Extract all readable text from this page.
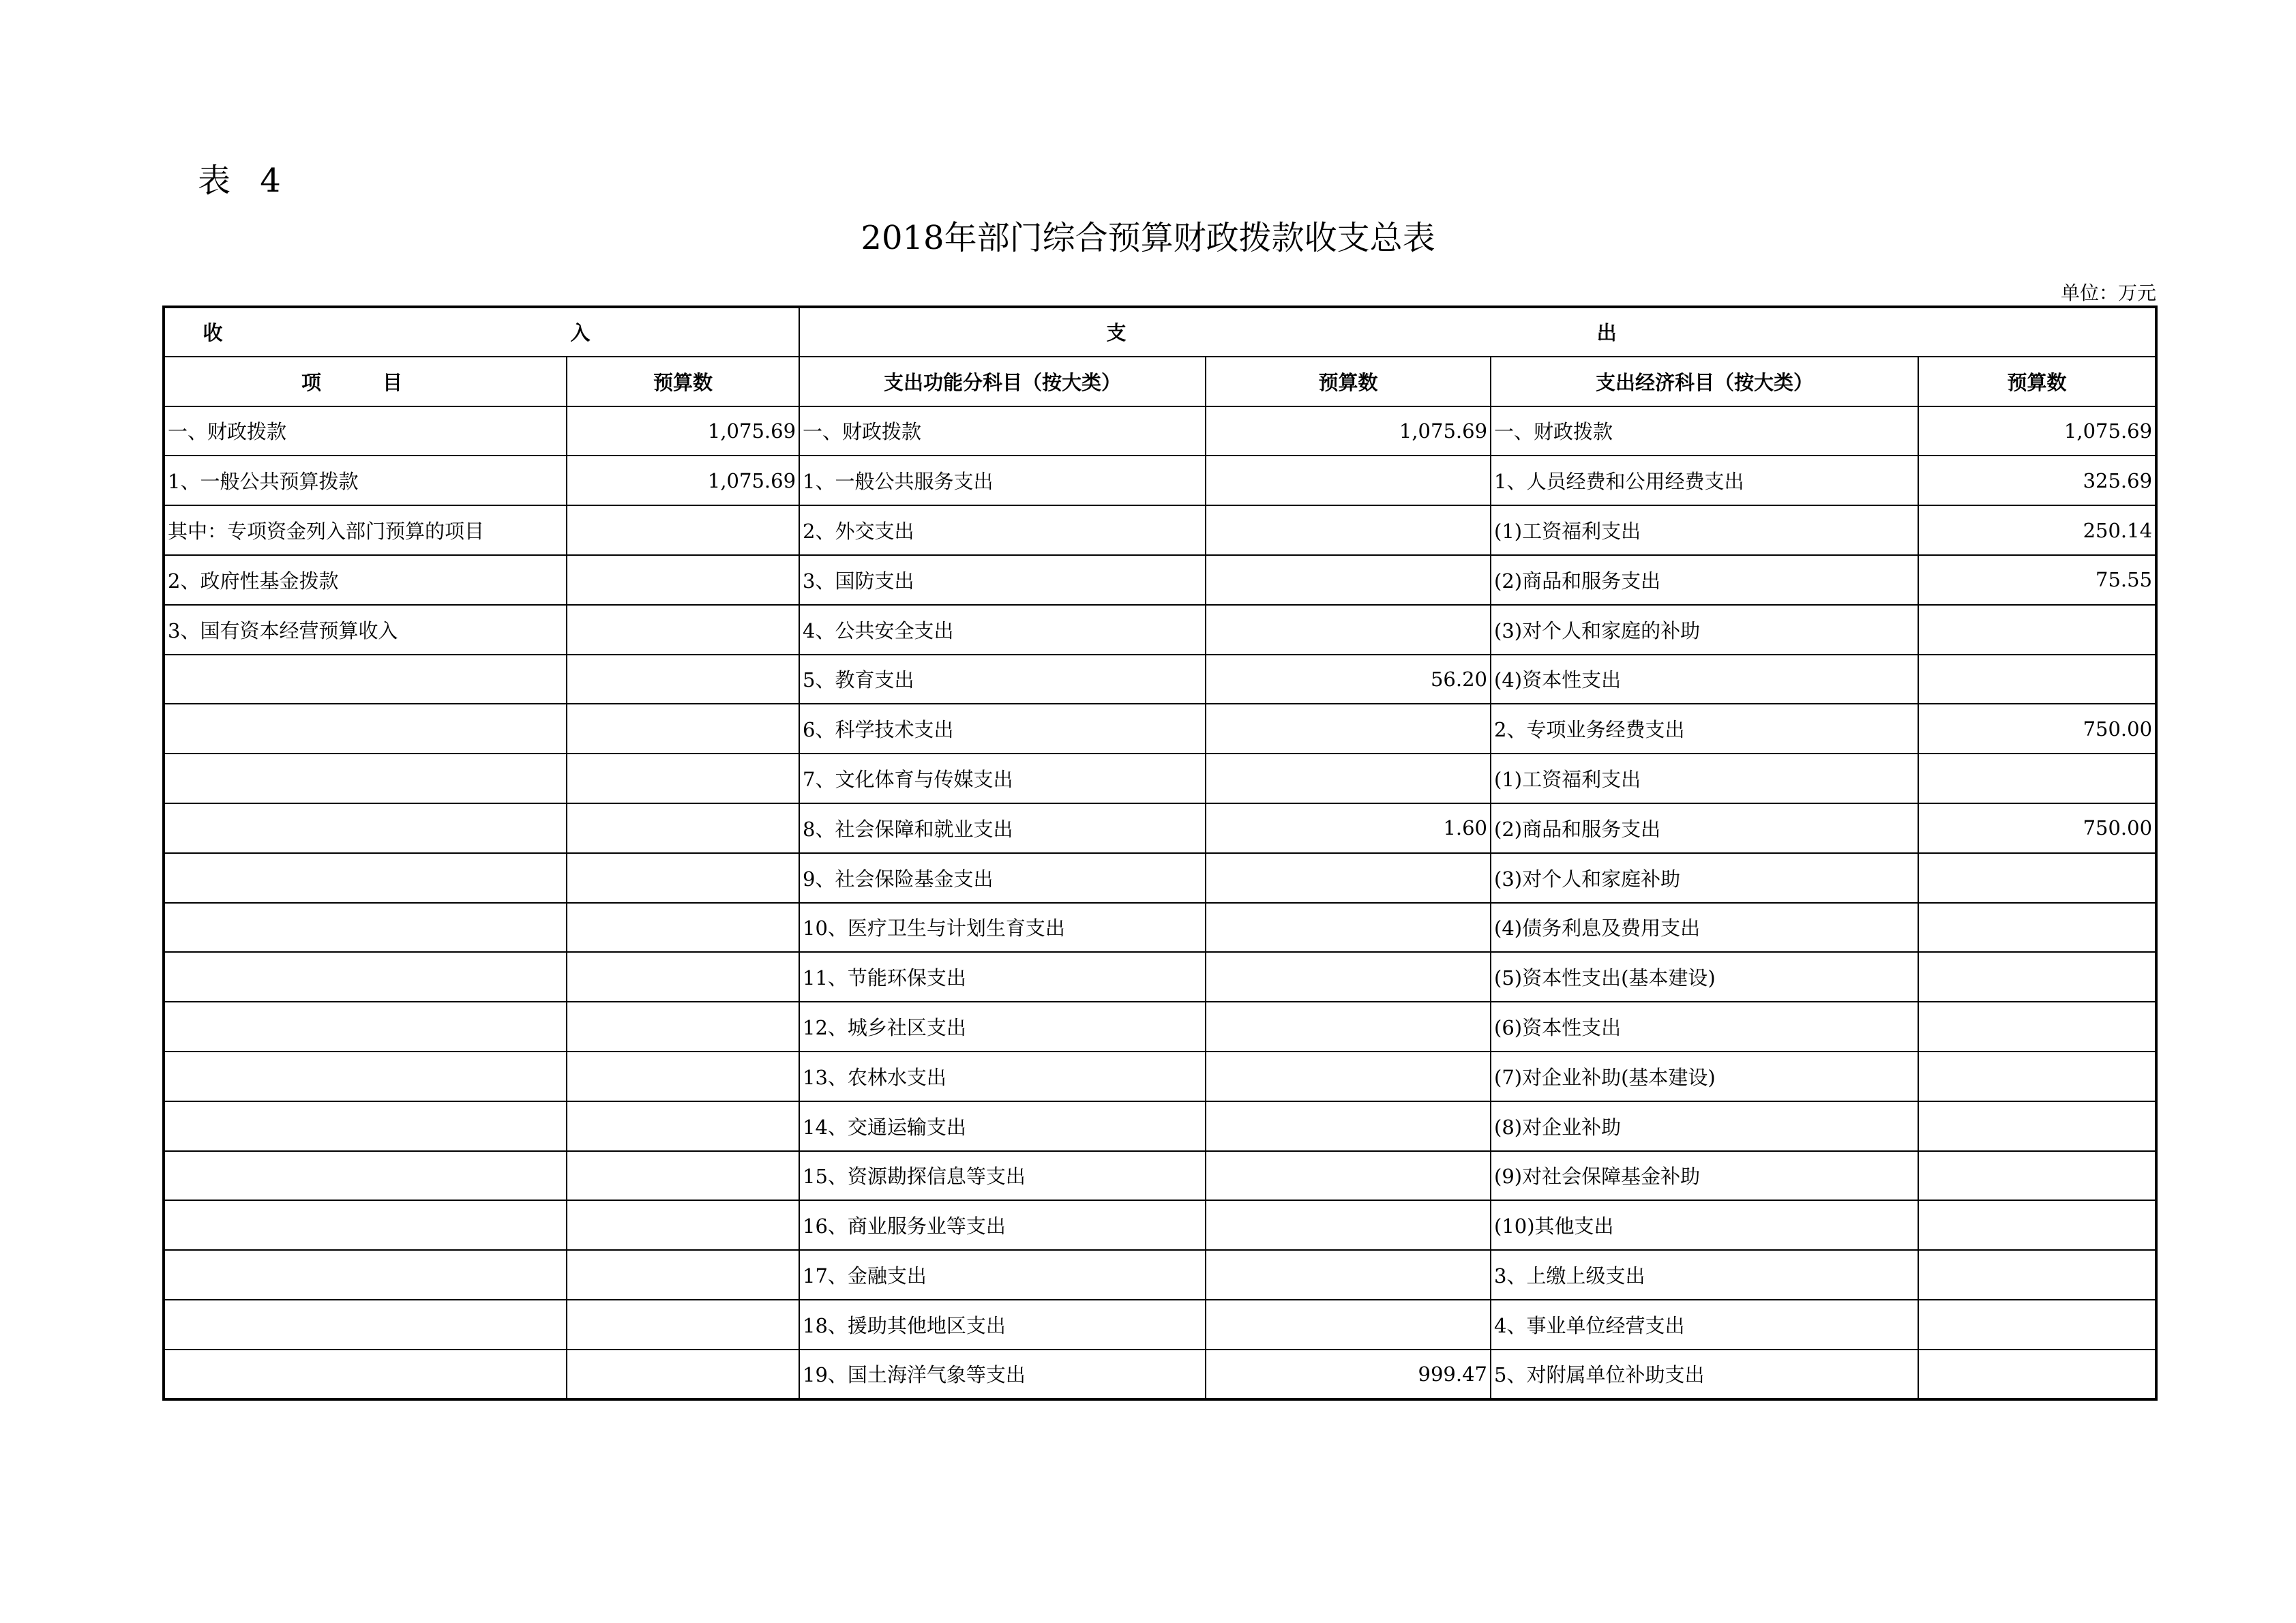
表 4
2018年部门综合预算财政拨款收支总表
单位：万元
收 入		支 出			
项 目	预算数	支出功能分科目（按大类）	预算数	支出经济科目（按大类）	预算数
一、财政拨款	1,075.69	一、财政拨款	1,075.69	一、财政拨款	1,075.69
1、一般公共预算拨款	1,075.69	1、一般公共服务支出		1、人员经费和公用经费支出	325.69
其中：专项资金列入部门预算的项目		2、外交支出		(1)工资福利支出	250.14
2、政府性基金拨款		3、国防支出		(2)商品和服务支出	75.55
3、国有资本经营预算收入		4、公共安全支出		(3)对个人和家庭的补助	
		5、教育支出	56.20	(4)资本性支出	
		6、科学技术支出		2、专项业务经费支出	750.00
		7、文化体育与传媒支出		(1)工资福利支出	
		8、社会保障和就业支出	1.60	(2)商品和服务支出	750.00
		9、社会保险基金支出		(3)对个人和家庭补助	
		10、医疗卫生与计划生育支出		(4)债务利息及费用支出	
		11、节能环保支出		(5)资本性支出(基本建设)	
		12、城乡社区支出		(6)资本性支出	
		13、农林水支出		(7)对企业补助(基本建设)	
		14、交通运输支出		(8)对企业补助	
		15、资源勘探信息等支出		(9)对社会保障基金补助	
		16、商业服务业等支出		(10)其他支出	
		17、金融支出		3、上缴上级支出	
		18、援助其他地区支出		4、事业单位经营支出	
		19、国土海洋气象等支出	999.47	5、对附属单位补助支出	
